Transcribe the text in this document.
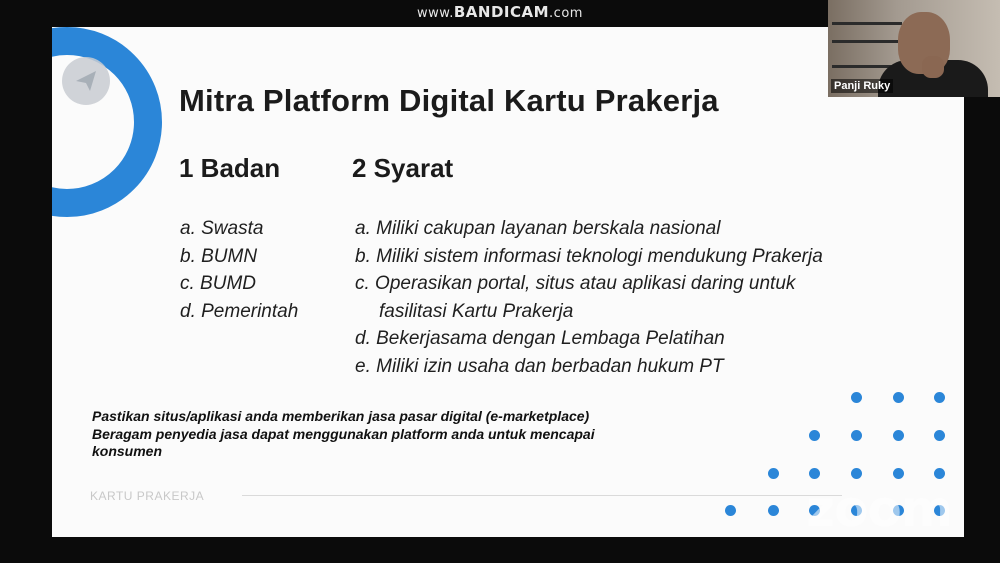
www.BANDICAM.com
Mitra Platform Digital Kartu Prakerja
1 Badan	2 Syarat
a. Swasta
b. BUMN
c. BUMD
d. Pemerintah
a. Miliki cakupan layanan berskala nasional
b. Miliki sistem informasi teknologi mendukung Prakerja
c. Operasikan portal, situs atau aplikasi daring untuk
fasilitasi Kartu Prakerja
d. Bekerjasama dengan Lembaga Pelatihan
e. Miliki izin usaha dan berbadan hukum PT
Pastikan situs/aplikasi anda memberikan jasa pasar digital (e-marketplace)
Beragam penyedia jasa dapat menggunakan platform anda untuk mencapai
konsumen
KARTU PRAKERJA	zoom
Panji Ruky
